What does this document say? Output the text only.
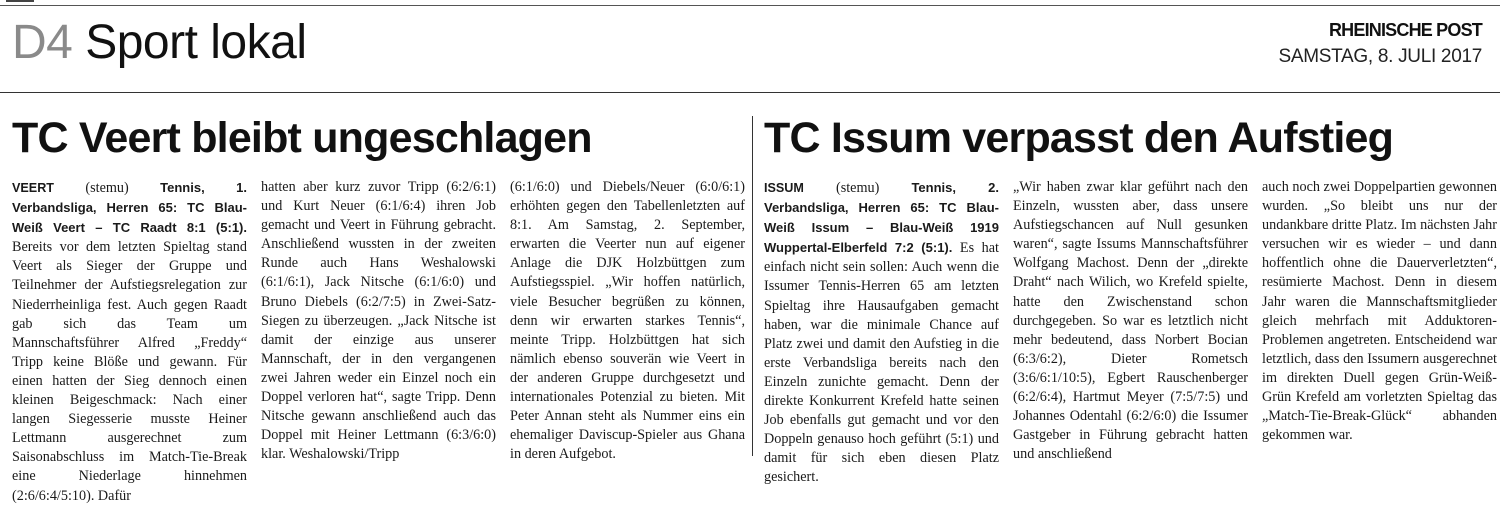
D4 Sport lokal	RHEINISCHE POST
SAMSTAG, 8. JULI 2017
TC Veert bleibt ungeschlagen
VEERT (stemu) Tennis, 1. Verbandsliga, Herren 65: TC Blau-Weiß Veert – TC Raadt 8:1 (5:1). Bereits vor dem letzten Spieltag stand Veert als Sieger der Gruppe und Teilnehmer der Aufstiegsrelegation zur Niederrheinliga fest. Auch gegen Raadt gab sich das Team um Mannschaftsführer Alfred „Freddy“ Tripp keine Blöße und gewann. Für einen hatten der Sieg dennoch einen kleinen Beigeschmack: Nach einer langen Siegesserie musste Heiner Lettmann ausgerechnet zum Saisonabschluss im Match-Tie-Break eine Niederlage hinnehmen (2:6/6:4/5:10). Dafür
hatten aber kurz zuvor Tripp (6:2/6:1) und Kurt Neuer (6:1/6:4) ihren Job gemacht und Veert in Führung gebracht. Anschließend wussten in der zweiten Runde auch Hans Weshalowski (6:1/6:1), Jack Nitsche (6:1/6:0) und Bruno Diebels (6:2/7:5) in Zwei-Satz-Siegen zu überzeugen. „Jack Nitsche ist damit der einzige aus unserer Mannschaft, der in den vergangenen zwei Jahren weder ein Einzel noch ein Doppel verloren hat“, sagte Tripp. Denn Nitsche gewann anschließend auch das Doppel mit Heiner Lettmann (6:3/6:0) klar. Weshalowski/Tripp
(6:1/6:0) und Diebels/Neuer (6:0/6:1) erhöhten gegen den Tabellenletzten auf 8:1. Am Samstag, 2. September, erwarten die Veerter nun auf eigener Anlage die DJK Holzbüttgen zum Aufstiegsspiel. „Wir hoffen natürlich, viele Besucher begrüßen zu können, denn wir erwarten starkes Tennis“, meinte Tripp. Holzbüttgen hat sich nämlich ebenso souverän wie Veert in der anderen Gruppe durchgesetzt und internationales Potenzial zu bieten. Mit Peter Annan steht als Nummer eins ein ehemaliger Daviscup-Spieler aus Ghana in deren Aufgebot.
TC Issum verpasst den Aufstieg
ISSUM (stemu) Tennis, 2. Verbandsliga, Herren 65: TC Blau-Weiß Issum – Blau-Weiß 1919 Wuppertal-Elberfeld 7:2 (5:1). Es hat einfach nicht sein sollen: Auch wenn die Issumer Tennis-Herren 65 am letzten Spieltag ihre Hausaufgaben gemacht haben, war die minimale Chance auf Platz zwei und damit den Aufstieg in die erste Verbandsliga bereits nach den Einzeln zunichte gemacht. Denn der direkte Konkurrent Krefeld hatte seinen Job ebenfalls gut gemacht und vor den Doppeln genauso hoch geführt (5:1) und damit für sich eben diesen Platz gesichert.
„Wir haben zwar klar geführt nach den Einzeln, wussten aber, dass unsere Aufstiegschancen auf Null gesunken waren“, sagte Issums Mannschaftsführer Wolfgang Machost. Denn der „direkte Draht“ nach Wilich, wo Krefeld spielte, hatte den Zwischenstand schon durchgegeben. So war es letztlich nicht mehr bedeutend, dass Norbert Bocian (6:3/6:2), Dieter Rometsch (3:6/6:1/10:5), Egbert Rauschenberger (6:2/6:4), Hartmut Meyer (7:5/7:5) und Johannes Odentahl (6:2/6:0) die Issumer Gastgeber in Führung gebracht hatten und anschließend
auch noch zwei Doppelpartien gewonnen wurden. „So bleibt uns nur der undankbare dritte Platz. Im nächsten Jahr versuchen wir es wieder – und dann hoffentlich ohne die Dauerverletzten“, resümierte Machost. Denn in diesem Jahr waren die Mannschaftsmitglieder gleich mehrfach mit Adduktoren-Problemen angetreten. Entscheidend war letztlich, dass den Issumern ausgerechnet im direkten Duell gegen Grün-Weiß-Grün Krefeld am vorletzten Spieltag das „Match-Tie-Break-Glück“ abhanden gekommen war.
